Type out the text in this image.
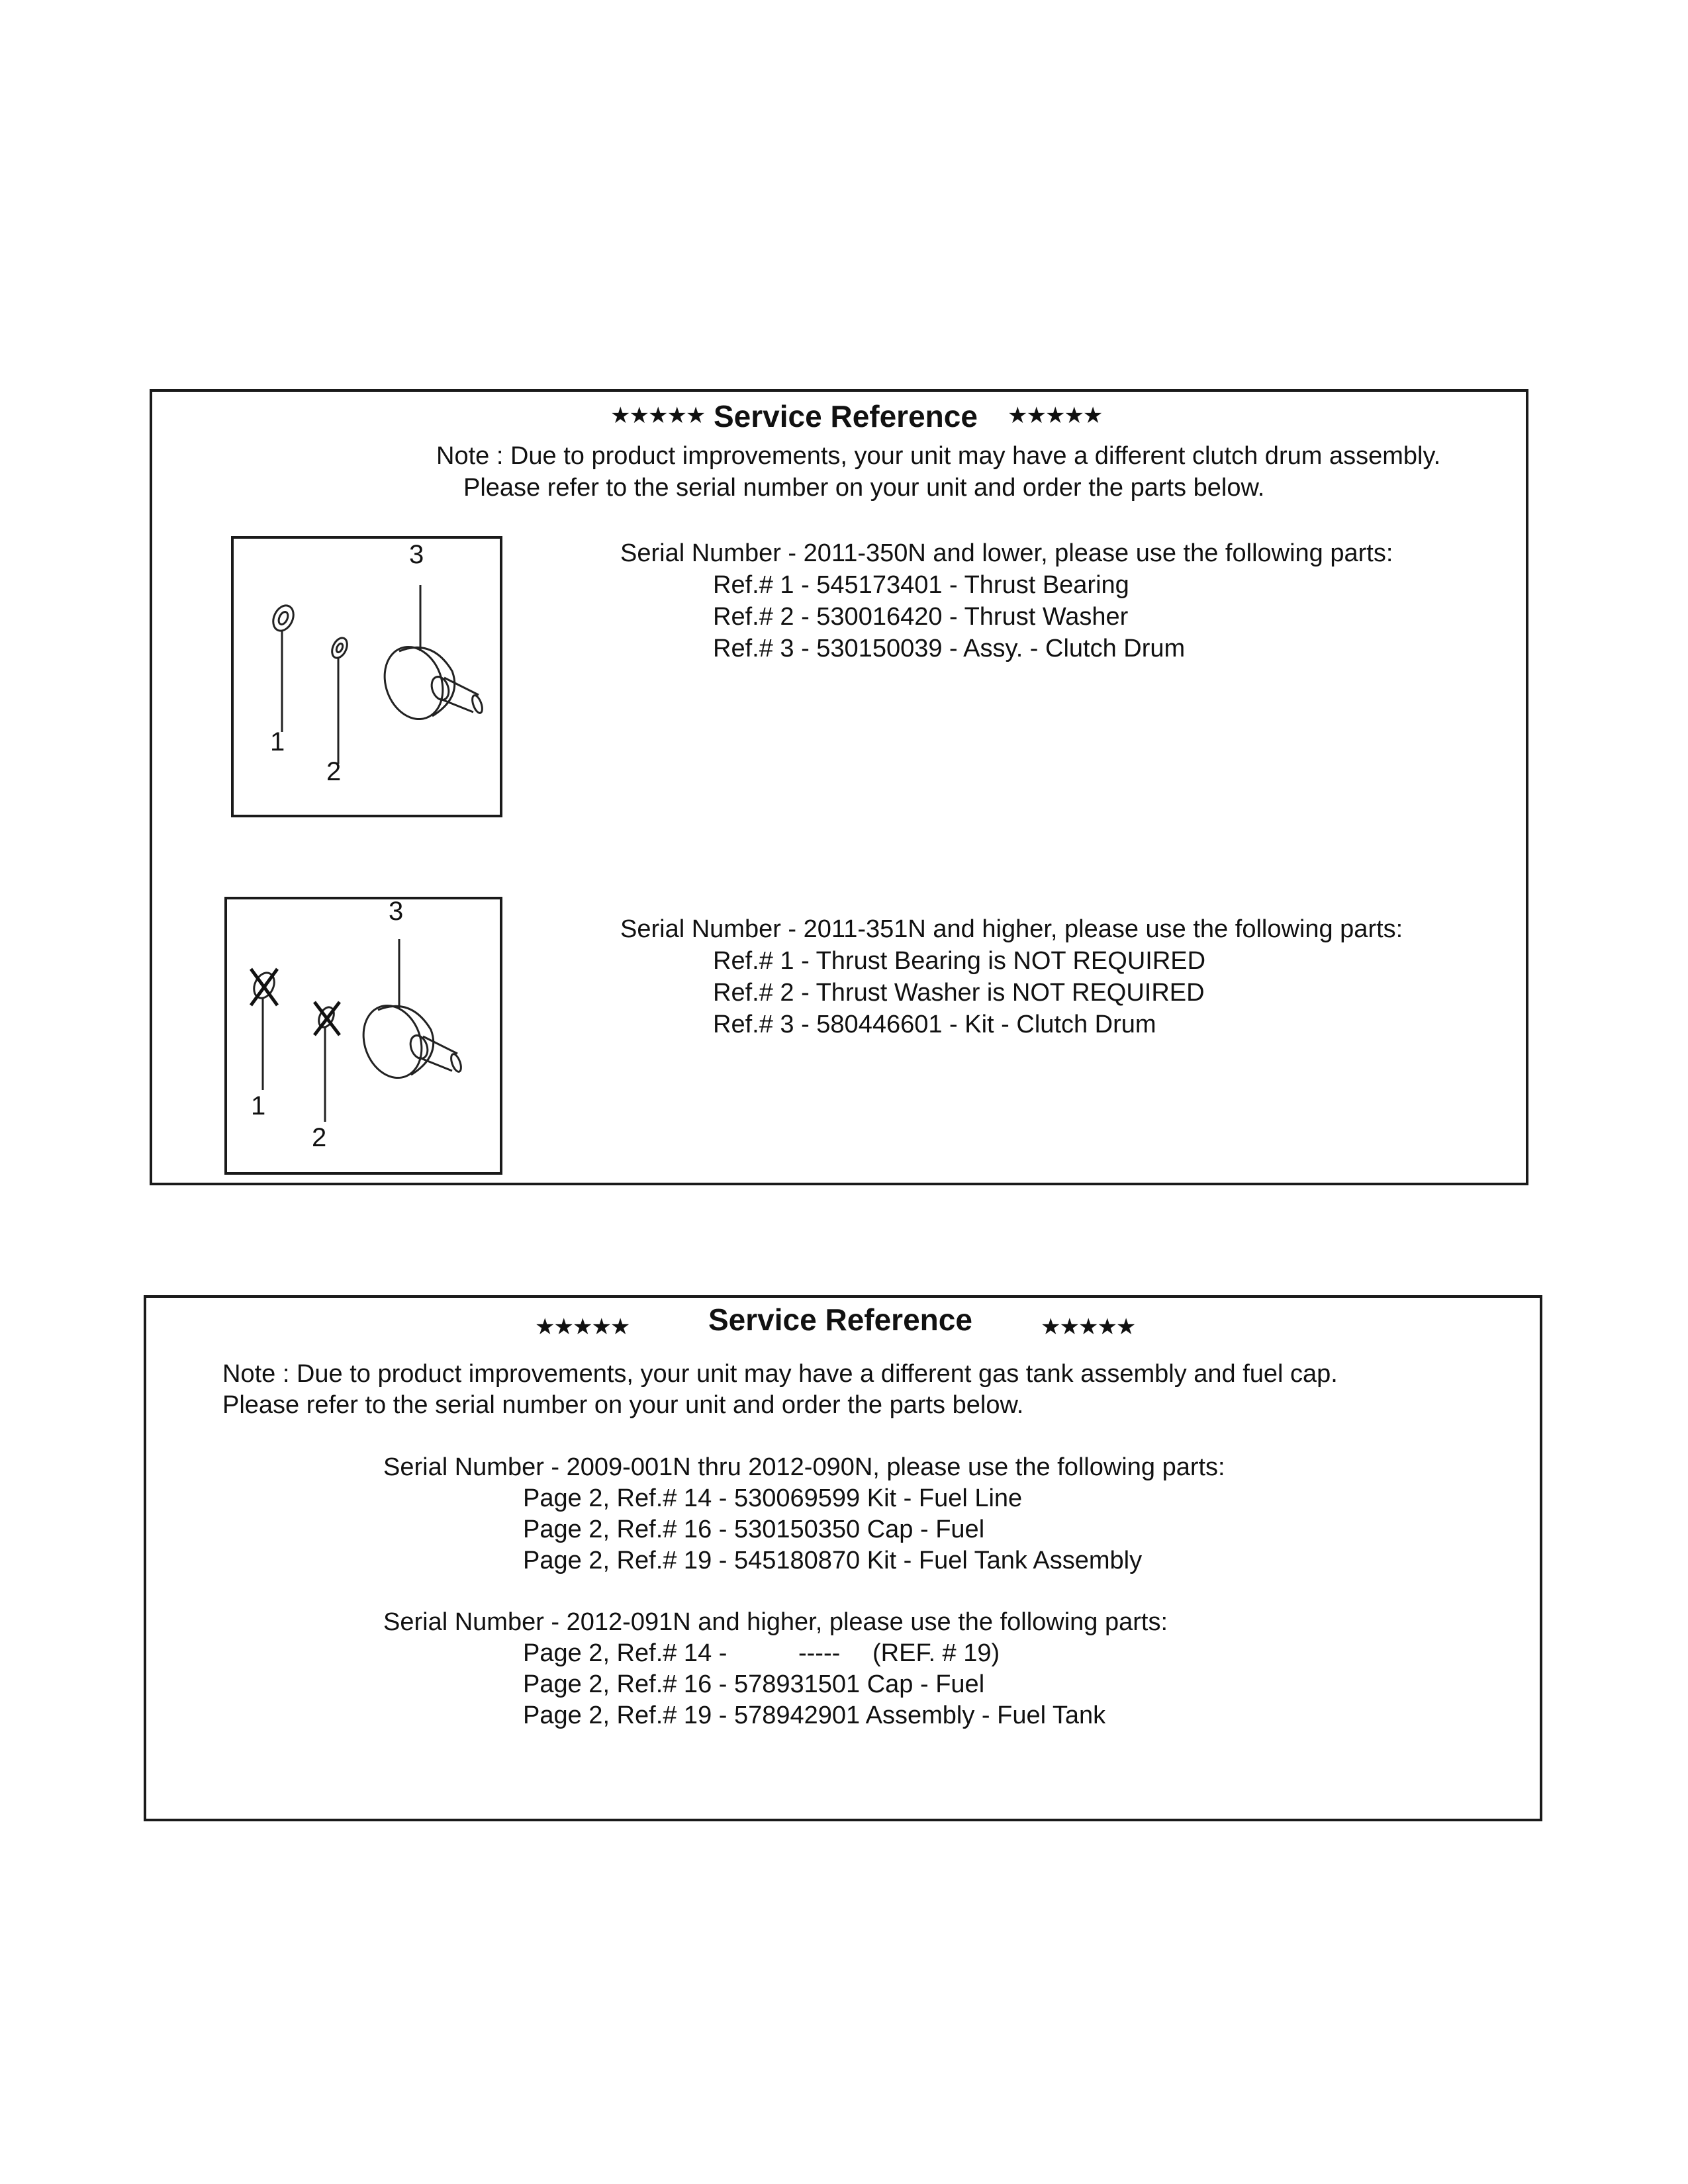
★★★★★ Service Reference ★★★★★
Note : Due to product improvements, your unit may have a different clutch drum assembly.
Please refer to the serial number on your unit and order the parts below.
3
1
2
Serial Number - 2011-350N and lower, please use the following parts:
Ref.# 1 - 545173401 - Thrust Bearing
Ref.# 2 - 530016420 - Thrust Washer
Ref.# 3 - 530150039 - Assy. - Clutch Drum
3
1
2
Serial Number - 2011-351N and higher, please use the following parts:
Ref.# 1 - Thrust Bearing is NOT REQUIRED
Ref.# 2 - Thrust Washer is NOT REQUIRED
Ref.# 3 - 580446601 - Kit - Clutch Drum
★★★★★	Service Reference	★★★★★
Note : Due to product improvements, your unit may have a different gas tank assembly and fuel cap.
Please refer to the serial number on your unit and order the parts below.
Serial Number - 2009-001N thru 2012-090N, please use the following parts:
Page 2, Ref.# 14 - 530069599 Kit - Fuel Line
Page 2, Ref.# 16 - 530150350 Cap - Fuel
Page 2, Ref.# 19 - 545180870 Kit - Fuel Tank Assembly
Serial Number - 2012-091N and higher, please use the following parts:
Page 2, Ref.# 14 -	----- (REF. # 19)
Page 2, Ref.# 16 - 578931501 Cap - Fuel
Page 2, Ref.# 19 - 578942901 Assembly - Fuel Tank
